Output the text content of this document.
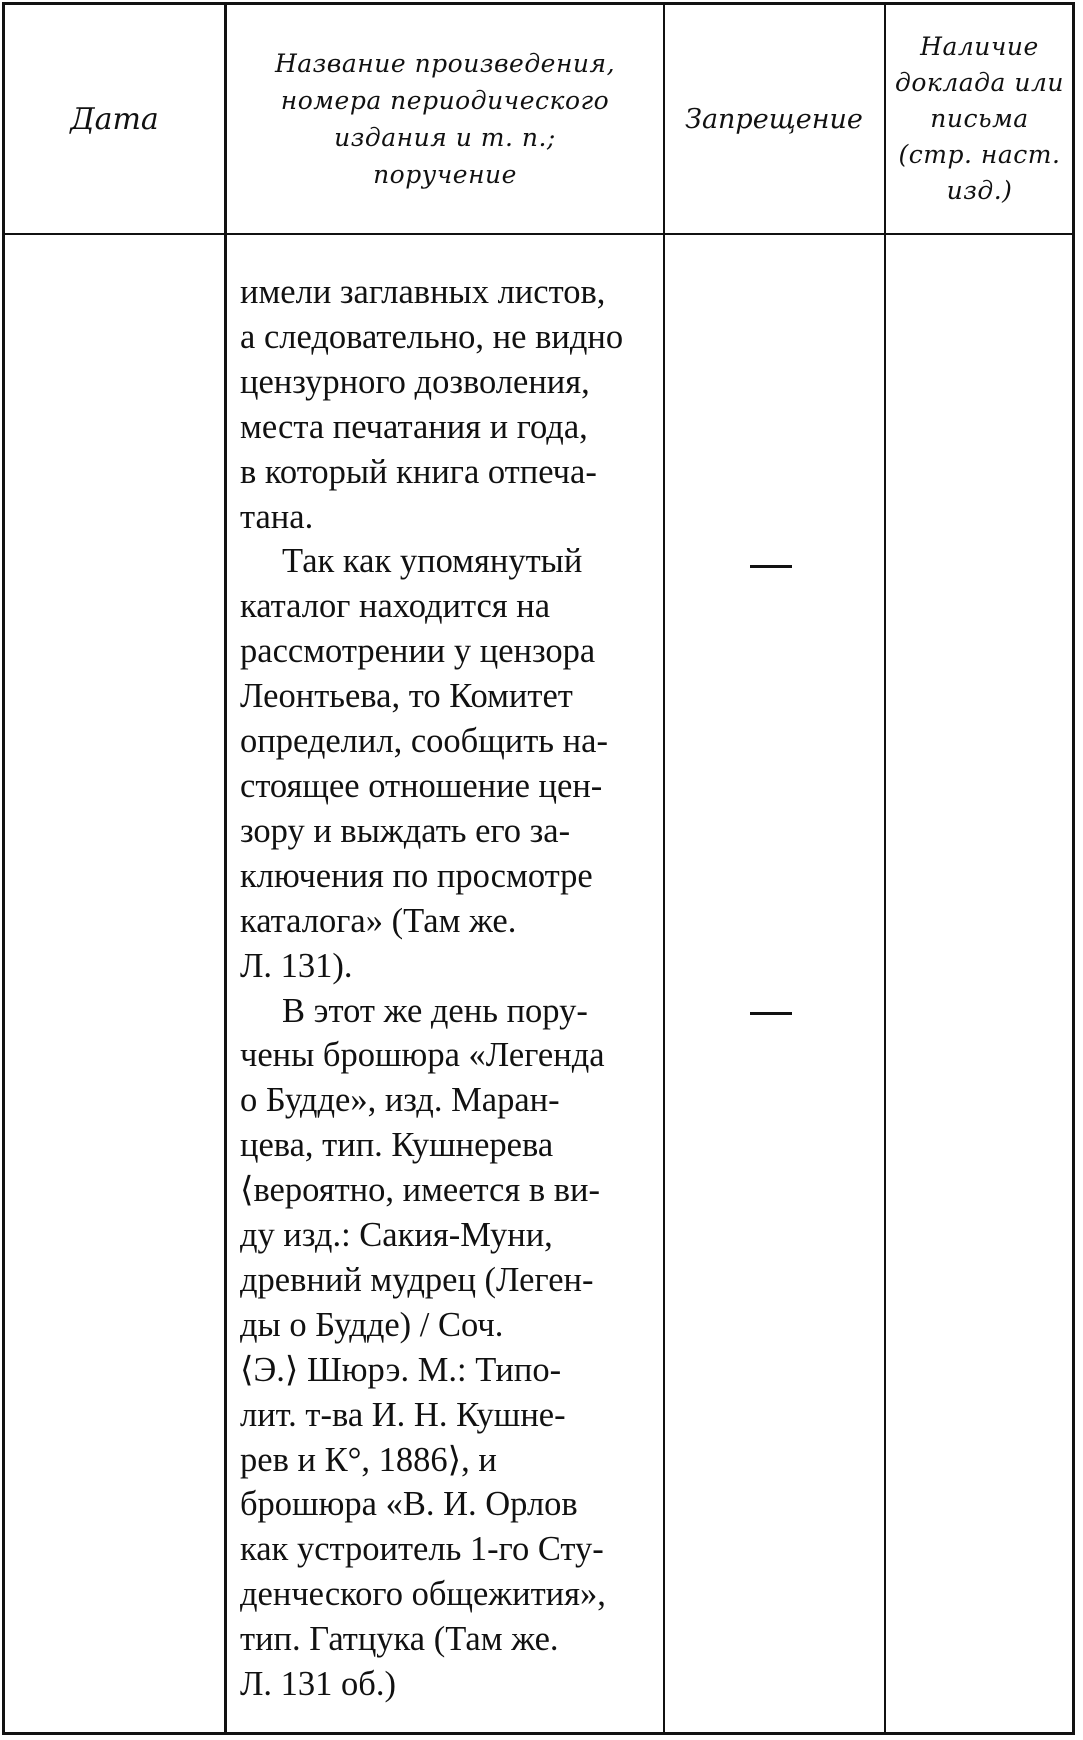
Дата
Название произведения,
номера периодического
издания и т. п.;
поручение
Запрещение
Наличие
доклада или
письма
(стр. наст.
изд.)
имели заглавных листов,
а следовательно, не видно
цензурного дозволения,
места печатания и года,
в который книга отпеча-
тана.
Так как упомянутый
каталог находится на
рассмотрении у цензора
Леонтьева, то Комитет
определил, сообщить на-
стоящее отношение цен-
зору и выждать его за-
ключения по просмотре
каталога» (Там же.
Л. 131).
В этот же день пору-
чены брошюра «Легенда
о Будде», изд. Маран-
цева, тип. Кушнерева
⟨вероятно, имеется в ви-
ду изд.: Сакия-Муни,
древний мудрец (Леген-
ды о Будде) / Соч.
⟨Э.⟩ Шюрэ. М.: Типо-
лит. т-ва И. Н. Кушне-
рев и К°, 1886⟩, и
брошюра «В. И. Орлов
как устроитель 1-го Сту-
денческого общежития»,
тип. Гатцука (Там же.
Л. 131 об.)
